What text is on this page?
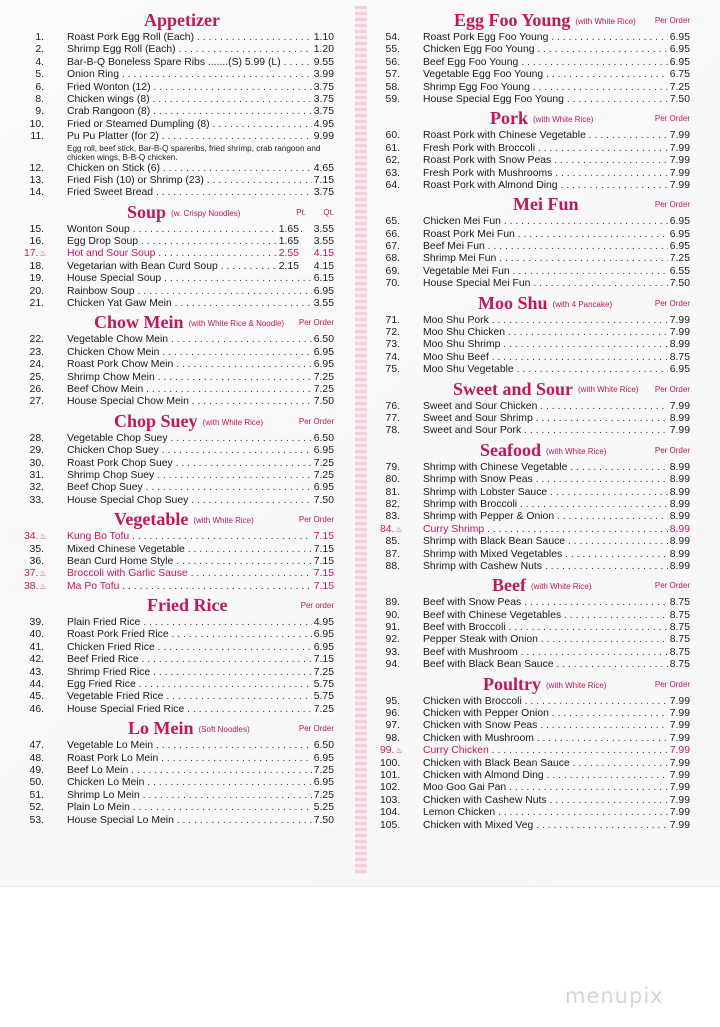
Appetizer
1. Roast Pork Egg Roll (Each) . . .	1.10
2. Shrimp Egg Roll (Each) . . .	1.20
4. Bar-B-Q Boneless Spare Ribs .......(S) 5.99 (L) . . .	9.55
5. Onion Ring . . .	3.99
6. Fried Wonton (12) . . .	3.75
8. Chicken wings (8) . . .	3.75
9. Crab Rangoon (8) . . .	3.75
10. Fried or Steamed Dumpling (8) . . .	4.95
11. Pu Pu Platter (for 2) . . .	9.99
Egg roll, beef stick, Bar-B-Q spareribs, fried shrimp, crab rangoon and chicken wings, B-B-Q chicken.
12. Chicken on Stick (6) . . .	4.65
13. Fried Fish (10) or Shrimp (23) . . .	7.15
14. Fried Sweet Bread . . .	3.75
Soup (w. Crispy Noodles)	Pt. Qt.
15. Wonton Soup . . .	1.65	3.55
16. Egg Drop Soup . . .	1.65	3.55
17. ♨	Hot and Sour Soup . . .	2.55	4.15
18. Vegetarian with Bean Curd Soup . . .	2.15	4.15
19. House Special Soup . . .	6.15
20. Rainbow Soup . . .	6.95
21. Chicken Yat Gaw Mein . . .	3.55
Chow Mein (with White Rice & Noodle) Per Order
22. Vegetable Chow Mein . . .	6.50
23. Chicken Chow Mein . . .	6.95
24. Roast Pork Chow Mein . . .	6.95
25. Shrimp Chow Mein . . .	7.25
26. Beef Chow Mein . . .	7.25
27. House Special Chow Mein . . .	7.50
Chop Suey (with White Rice)	Per Order
28. Vegetable Chop Suey . . .	6.50
29. Chicken Chop Suey . . .	6.95
30. Roast Pork Chop Suey . . .	7.25
31. Shrimp Chop Suey . . .	7.25
32. Beef Chop Suey . . .	6.95
33. House Special Chop Suey . . .	7.50
Vegetable (with White Rice)	Per Order
34. ♨	Kung Bo Tofu . . .	7.15
35. Mixed Chinese Vegetable . . .	7.15
36. Bean Curd Home Style . . .	7.15
37. ♨	Broccoli with Garlic Sause . . .	7.15
38. ♨	Ma Po Tofu . . .	7.15
Fried Rice	Per order
39. Plain Fried Rice . . .	4.95
40. Roast Pork Fried Rice . . .	6.95
41. Chicken Fried Rice . . .	6.95
42. Beef Fried Rice . . .	7.15
43. Shrimp Fried Rice . . .	7.25
44. Egg Fried Rice . . .	5.75
45. Vegetable Fried Rice . . .	5.75
46. House Special Fried Rice . . .	7.25
Lo Mein (Soft Noodles)	Per Order
47. Vegetable Lo Mein . . .	6.50
48. Roast Pork Lo Mein . . .	6.95
49. Beef Lo Mein . . .	7.25
50. Chicken Lo Mein . . .	6.95
51. Shrimp Lo Mein . . .	7.25
52. Plain Lo Mein . . .	5.25
53. House Special Lo Mein . . .	7.50
Egg Foo Young (with White Rice) Per Order
54. Roast Pork Egg Foo Young . . .	6.95
55. Chicken Egg Foo Young . . .	6.95
56. Beef Egg Foo Young . . .	6.95
57. Vegetable Egg Foo Young . . .	6.75
58. Shrimp Egg Foo Young . . .	7.25
59. House Special Egg Foo Young . . .	7.50
Pork (with White Rice)	Per Order
60. Roast Pork with Chinese Vegetable . . .	7.99
61. Fresh Pork with Broccoli . . .	7.99
62. Roast Pork with Snow Peas . . .	7.99
63. Fresh Pork with Mushrooms . . .	7.99
64. Roast Pork with Almond Ding . . .	7.99
Mei Fun	Per Order
65. Chicken Mei Fun . . .	6.95
66. Roast Pork Mei Fun . . .	6.95
67. Beef Mei Fun . . .	6.95
68. Shrimp Mei Fun . . .	7.25
69. Vegetable Mei Fun . . .	6.55
70. House Special Mei Fun . . .	7.50
Moo Shu (with 4 Pancake)	Per Order
71. Moo Shu Pork . . .	7.99
72. Moo Shu Chicken . . .	7.99
73. Moo Shu Shrimp . . .	8.99
74. Moo Shu Beef . . .	8.75
75. Moo Shu Vegetable . . .	6.95
Sweet and Sour (with White Rice) Per Order
76. Sweet and Sour Chicken . . .	7.99
77. Sweet and Sour Shrimp . . .	8.99
78. Sweet and Sour Pork . . .	7.99
Seafood (with White Rice)	Per Order
79. Shrimp with Chinese Vegetable . . .	8.99
80. Shrimp with Snow Peas . . .	8.99
81. Shrimp with Lobster Sauce . . .	8.99
82. Shrimp with Broccoli . . .	8.99
83. Shrimp with Pepper & Onion . . .	8.99
84. ♨	Curry Shrimp . . .	8.99
85. Shrimp with Black Bean Sauce . . .	8.99
87. Shrimp with Mixed Vegetables . . .	8.99
88. Shrimp with Cashew Nuts . . .	8.99
Beef (with White Rice)	Per Order
89. Beef with Snow Peas . . .	8.75
90. Beef with Chinese Vegetables . . .	8.75
91. Beef with Broccoli . . .	8.75
92. Pepper Steak with Onion . . .	8.75
93. Beef with Mushroom . . .	8.75
94. Beef with Black Bean Sauce . . .	8.75
Poultry (with White Rice)	Per Order
95. Chicken with Broccoli . . .	7.99
96. Chicken with Pepper Onion . . .	7.99
97. Chicken with Snow Peas . . .	7.99
98. Chicken with Mushroom . . .	7.99
99. ♨	Curry Chicken . . .	7.99
100. Chicken with Black Bean Sauce . . .	7.99
101. Chicken with Almond Ding . . .	7.99
102. Moo Goo Gai Pan . . .	7.99
103. Chicken with Cashew Nuts . . .	7.99
104. Lemon Chicken . . .	7.99
105. Chicken with Mixed Veg . . .	7.99
menupix
